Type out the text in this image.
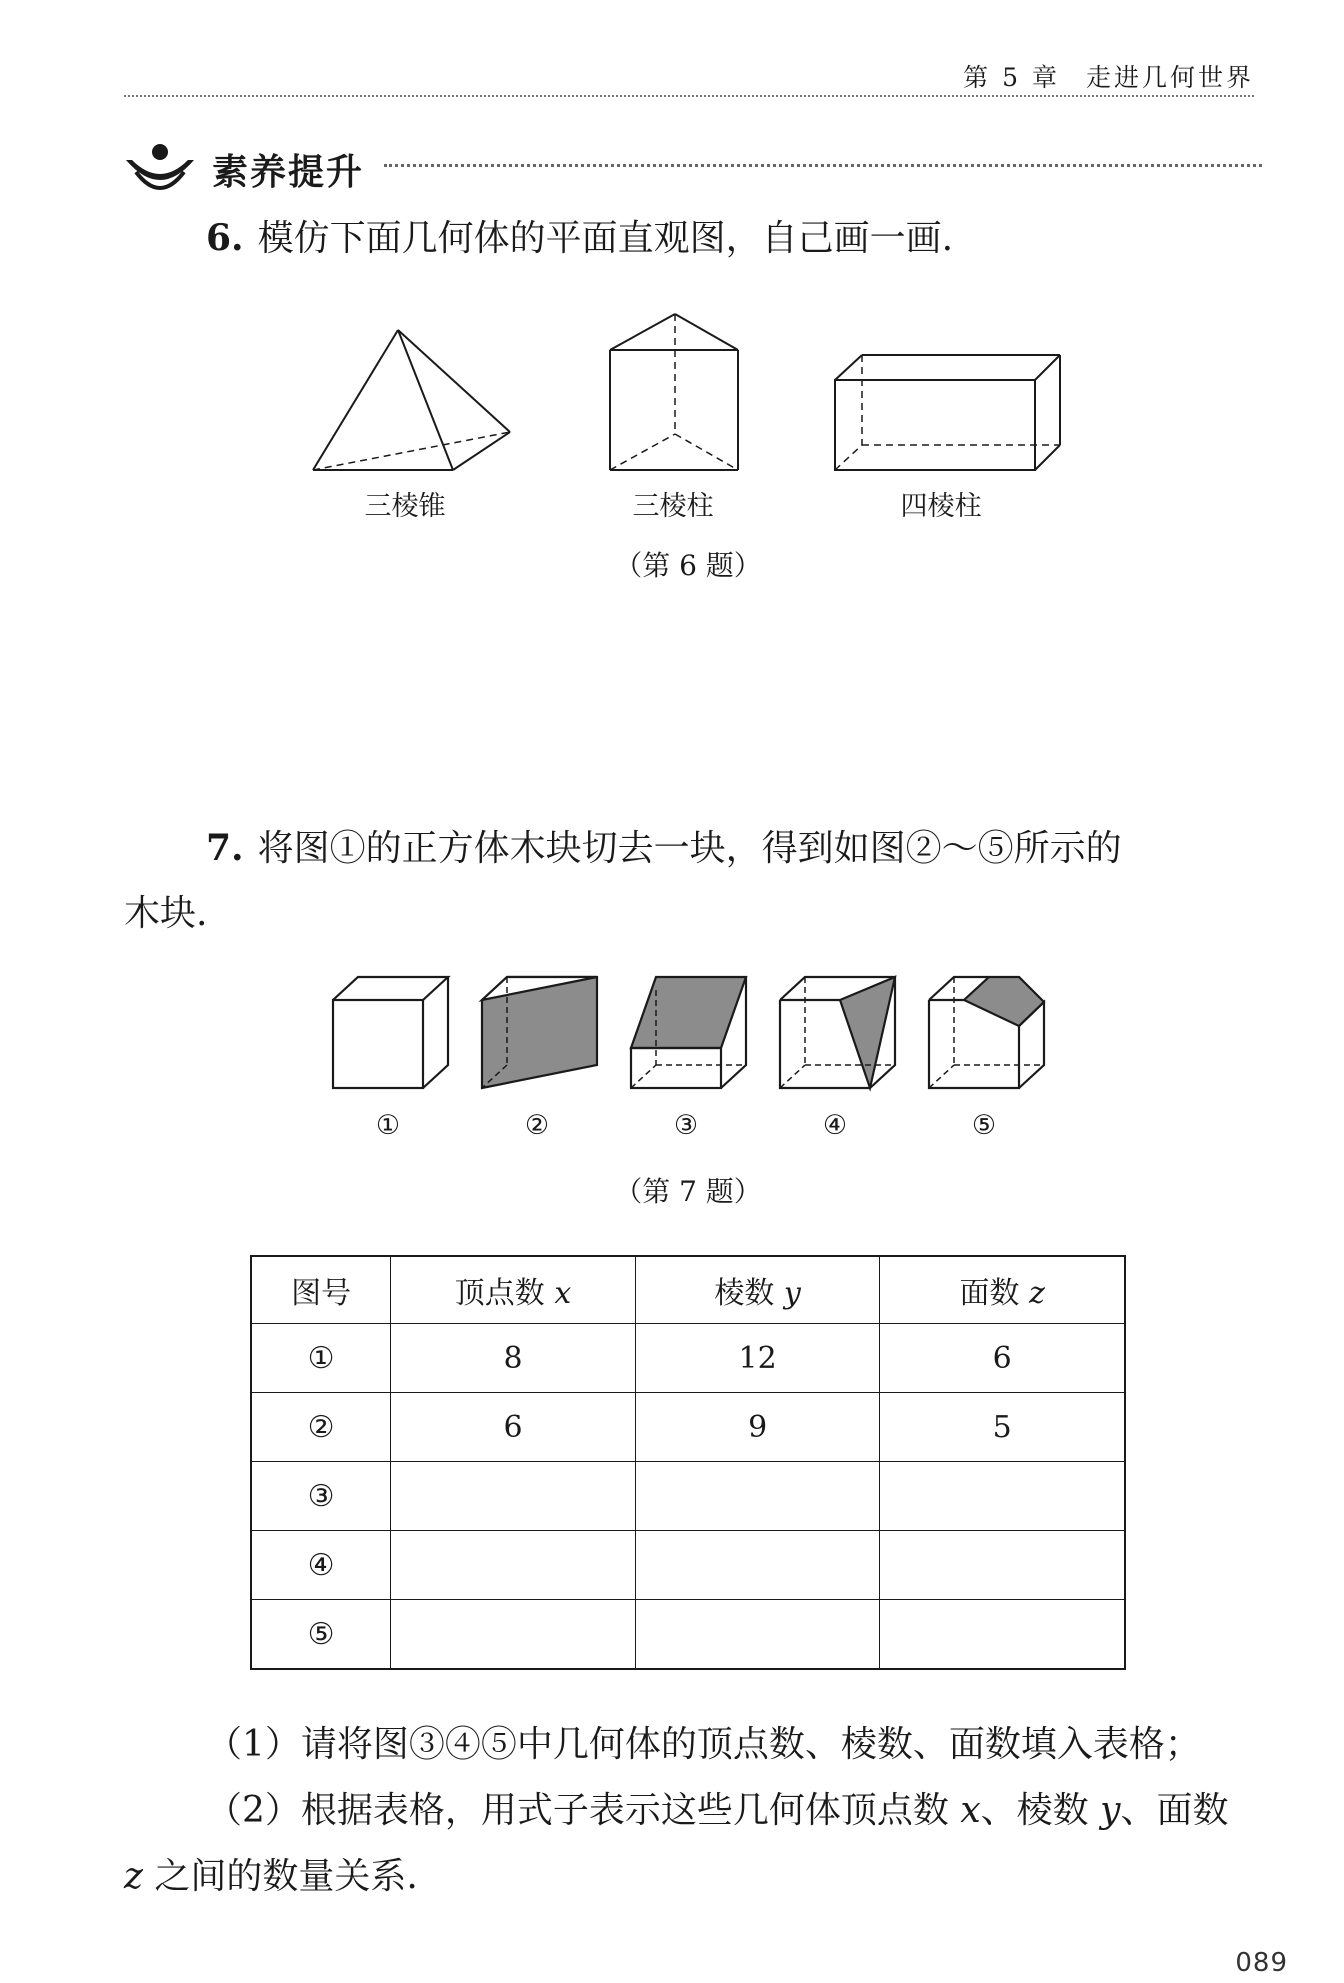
第 5 章 走进几何世界
素养提升
6. 模仿下面几何体的平面直观图，自己画一画.
三棱锥	三棱柱	四棱柱
（第 6 题）
7. 将图①的正方体木块切去一块，得到如图②～⑤所示的
木块.
①	②	③	④	⑤
（第 7 题）
图号	顶点数 x	棱数 y	面数 z
①	8	12	6
②	6	9	5
③			
④			
⑤			
（1）请将图③④⑤中几何体的顶点数、棱数、面数填入表格；
（2）根据表格，用式子表示这些几何体顶点数 x、棱数 y、面数
z 之间的数量关系.
089
